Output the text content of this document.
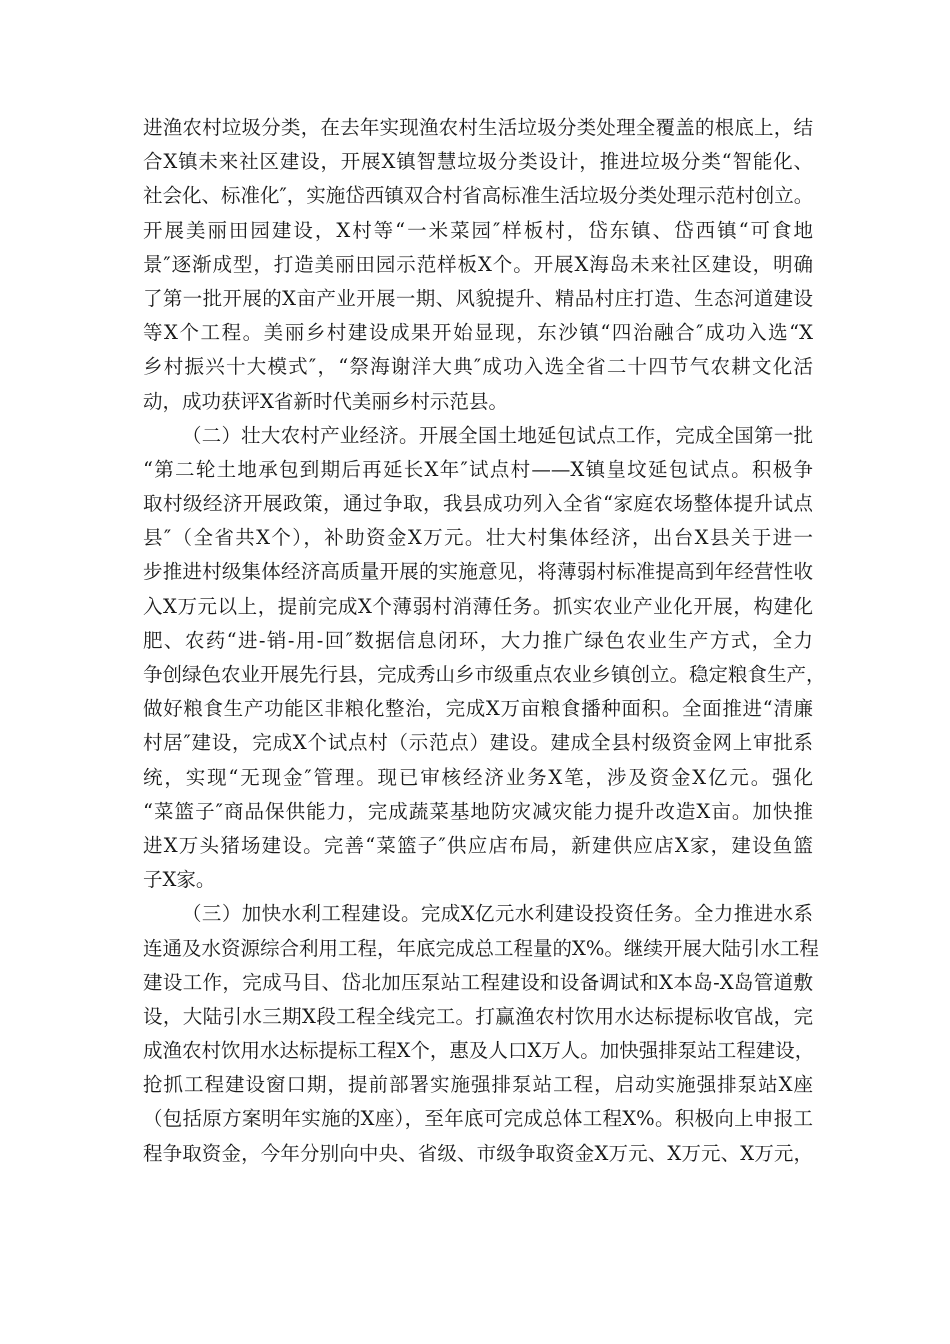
进渔农村垃圾分类，在去年实现渔农村生活垃圾分类处理全覆盖的根底上，结
合X镇未来社区建设，开展X镇智慧垃圾分类设计，推进垃圾分类“智能化、
社会化、标准化″，实施岱西镇双合村省高标准生活垃圾分类处理示范村创立。
开展美丽田园建设，X村等“一米菜园″样板村，岱东镇、岱西镇“可食地
景″逐渐成型，打造美丽田园示范样板X个。开展X海岛未来社区建设，明确
了第一批开展的X亩产业开展一期、风貌提升、精品村庄打造、生态河道建设
等X个工程。美丽乡村建设成果开始显现，东沙镇“四治融合″成功入选“X
乡村振兴十大模式″，“祭海谢洋大典″成功入选全省二十四节气农耕文化活
动，成功获评X省新时代美丽乡村示范县。
（二）壮大农村产业经济。开展全国土地延包试点工作，完成全国第一批
“第二轮土地承包到期后再延长X年″试点村——X镇皇坟延包试点。积极争
取村级经济开展政策，通过争取，我县成功列入全省“家庭农场整体提升试点
县″（全省共X个），补助资金X万元。壮大村集体经济，出台X县关于进一
步推进村级集体经济高质量开展的实施意见，将薄弱村标准提高到年经营性收
入X万元以上，提前完成X个薄弱村消薄任务。抓实农业产业化开展，构建化
肥、农药“进-销-用-回″数据信息闭环，大力推广绿色农业生产方式，全力
争创绿色农业开展先行县，完成秀山乡市级重点农业乡镇创立。稳定粮食生产，
做好粮食生产功能区非粮化整治，完成X万亩粮食播种面积。全面推进“清廉
村居″建设，完成X个试点村（示范点）建设。建成全县村级资金网上审批系
统，实现“无现金″管理。现已审核经济业务X笔，涉及资金X亿元。强化
“菜篮子″商品保供能力，完成蔬菜基地防灾减灾能力提升改造X亩。加快推
进X万头猪场建设。完善“菜篮子″供应店布局，新建供应店X家，建设鱼篮
子X家。
（三）加快水利工程建设。完成X亿元水利建设投资任务。全力推进水系
连通及水资源综合利用工程，年底完成总工程量的X%。继续开展大陆引水工程
建设工作，完成马目、岱北加压泵站工程建设和设备调试和X本岛-X岛管道敷
设，大陆引水三期X段工程全线完工。打赢渔农村饮用水达标提标收官战，完
成渔农村饮用水达标提标工程X个，惠及人口X万人。加快强排泵站工程建设，
抢抓工程建设窗口期，提前部署实施强排泵站工程，启动实施强排泵站X座
（包括原方案明年实施的X座），至年底可完成总体工程X%。积极向上申报工
程争取资金，今年分别向中央、省级、市级争取资金X万元、X万元、X万元，
